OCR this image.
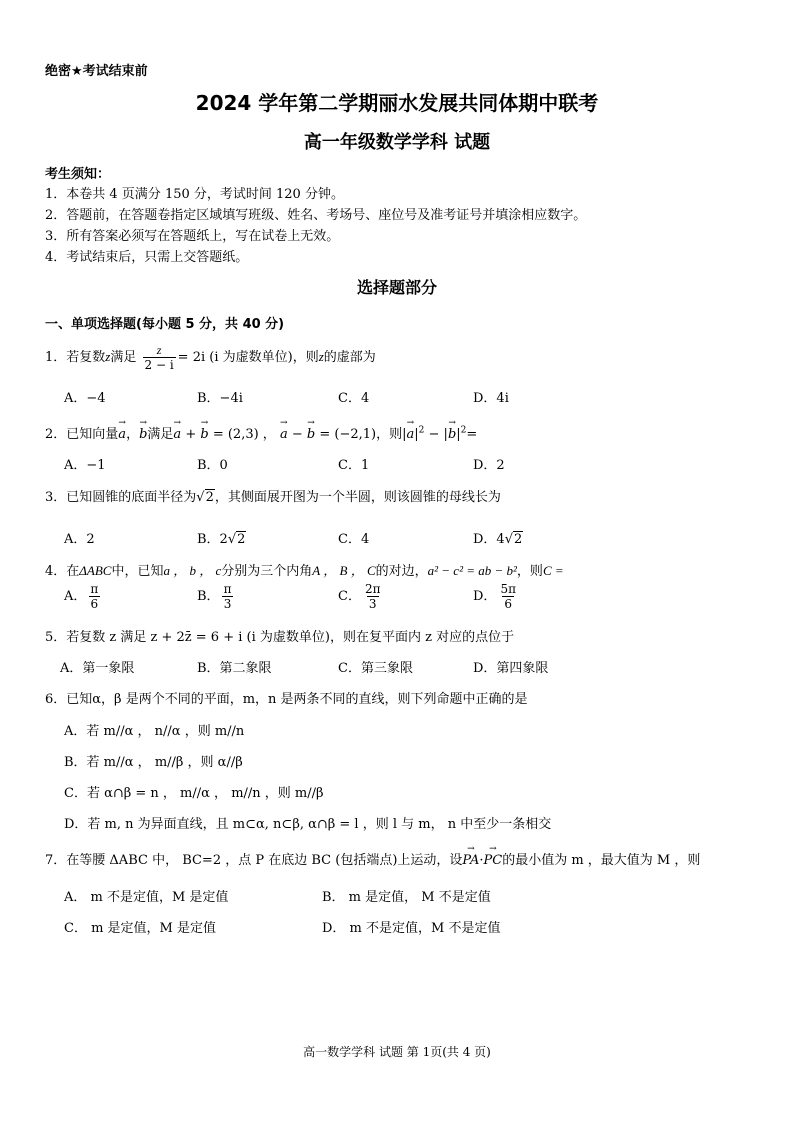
绝密★考试结束前
2024 学年第二学期丽水发展共同体期中联考
高一年级数学学科 试题
考生须知：
1．本卷共 4 页满分 150 分，考试时间 120 分钟。
2．答题前，在答题卷指定区域填写班级、姓名、考场号、座位号及准考证号并填涂相应数字。
3．所有答案必须写在答题纸上，写在试卷上无效。
4．考试结束后，只需上交答题纸。
选择题部分
一、单项选择题(每小题 5 分，共 40 分)
1．若复数z满足 $\frac{z}{2 - i} = 2i$ (i 为虚数单位)，则z的虚部为
A．−4	B．−4i	C．4	D．4i
2．已知向量→ a，→ b满足→ a + → b = (2,3) ， → a − → b = (−2,1)，则|→ $a|^2$ − |→ $b|^2=$
A．−1	B．0	C．1	D．2
3．已知圆锥的底面半径为√2，其侧面展开图为一个半圆，则该圆锥的母线长为
A．2	B．2√2	C．4	D．4√2
4．在ΔABC中，已知a ， b ， c分别为三个内角A ， B ， C的对边，a² − c² = ab − b²，则C =
A． $\frac{\pi}{6}$	B． $\frac{\pi}{3}$	C． $\frac{2\pi}{3}$	D． $\frac{5\pi}{6}$
5．若复数 z 满足 z + 2z̄ = 6 + i (i 为虚数单位)，则在复平面内 z 对应的点位于
A．第一象限	B．第二象限	C．第三象限	D．第四象限
6．已知α，β 是两个不同的平面，m，n 是两条不同的直线，则下列命题中正确的是
A．若 m//α ， n//α ，则 m//n
B．若 m//α ， m//β ，则 α//β
C．若 α∩β = n ， m//α ， m//n ，则 m//β
D．若 m, n 为异面直线，且 m⊂α, n⊂β, α∩β = l ，则 l 与 m， n 中至少一条相交
7．在等腰 ΔABC 中， BC=2 ，点 P 在底边 BC (包括端点)上运动，设→ PA·→ PC的最小值为 m ，最大值为 M ，则
A． m 不是定值，M 是定值	B． m 是定值， M 不是定值
C． m 是定值，M 是定值	D． m 不是定值，M 不是定值
高一数学学科 试题 第 1页(共 4 页)
